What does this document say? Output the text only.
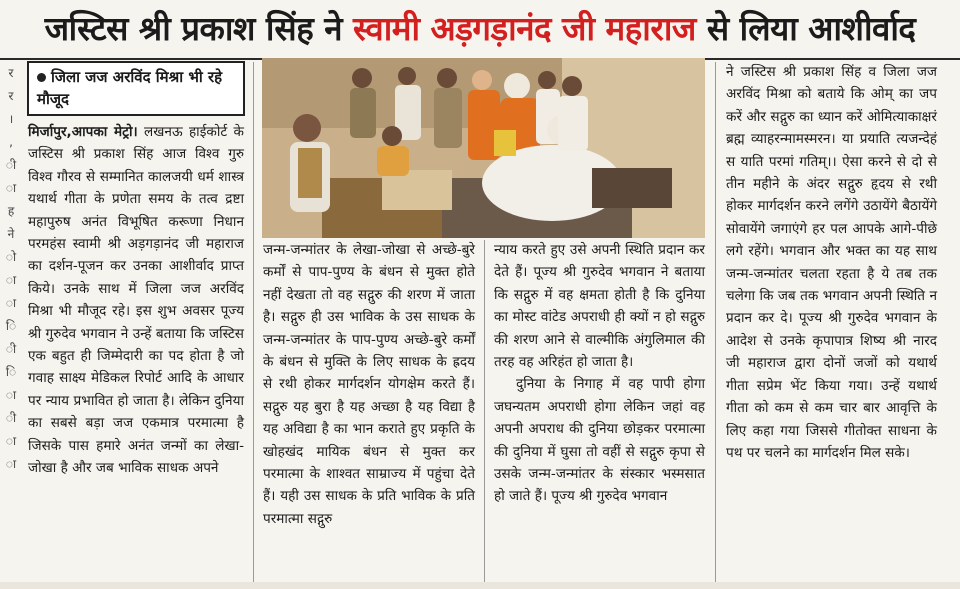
जस्टिस श्री प्रकाश सिंह ने स्वामी अड़गड़ानंद जी महाराज से लिया आशीर्वाद
र
र
।
,
ी
ा
ह
ने
ो
ा
ा
ि
ी
ि
ा
ी
ा
ा
जिला जज अरविंद मिश्रा भी रहे मौजूद

मिर्जापुर,आपका मेट्रो। लखनऊ हाईकोर्ट के जस्टिस श्री प्रकाश सिंह आज विश्व गुरु विश्व गौरव से सम्मानित कालजयी धर्म शास्त्र यथार्थ गीता के प्रणेता समय के तत्व द्रष्टा महापुरुष अनंत विभूषित करूणा निधान परमहंस स्वामी श्री अड़गड़ानंद जी महाराज का दर्शन-पूजन कर उनका आशीर्वाद प्राप्त किये। उनके साथ में जिला जज अरविंद मिश्रा भी मौजूद रहे। इस शुभ अवसर पूज्य श्री गुरुदेव भगवान ने उन्हें बताया कि जस्टिस एक बहुत ही जिम्मेदारी का पद होता है जो गवाह साक्ष्य मेडिकल रिपोर्ट आदि के आधार पर न्याय प्रभावित हो जाता है। लेकिन दुनिया का सबसे बड़ा जज एकमात्र परमात्मा है जिसके पास हमारे अनंत जन्मों का लेखा-जोखा है और जब भाविक साधक अपने

जन्म-जन्मांतर के लेखा-जोखा से अच्छे-बुरे कर्मों से पाप-पुण्य के बंधन से मुक्त होते नहीं देखता तो वह सद्गुरु की शरण में जाता है। सद्गुरु ही उस भाविक के उस साधक के जन्म-जन्मांतर के पाप-पुण्य अच्छे-बुरे कर्मों के बंधन से मुक्ति के लिए साधक के ह्रदय से रथी होकर मार्गदर्शन योगक्षेम करते हैं। सद्गुरु यह बुरा है यह अच्छा है यह विद्या है यह अविद्या है का भान कराते हुए प्रकृति के खोहखंद मायिक बंधन से मुक्त कर परमात्मा के शाश्वत साम्राज्य में पहुंचा देते हैं। यही उस साधक के प्रति भाविक के प्रति परमात्मा सद्गुरु

न्याय करते हुए उसे अपनी स्थिति प्रदान कर देते हैं। पूज्य श्री गुरुदेव भगवान ने बताया कि सद्गुरु में वह क्षमता होती है कि दुनिया का मोस्ट वांटेड अपराधी ही क्यों न हो सद्गुरु की शरण आने से वाल्मीकि अंगुलिमाल की तरह वह अरिहंत हो जाता है।

दुनिया के निगाह में वह पापी होगा जघन्यतम अपराधी होगा लेकिन जहां वह अपनी अपराध की दुनिया छोड़कर परमात्मा की दुनिया में घुसा तो वहीं से सद्गुरु कृपा से उसके जन्म-जन्मांतर के संस्कार भस्मसात हो जाते हैं। पूज्य श्री गुरुदेव भगवान

ने जस्टिस श्री प्रकाश सिंह व जिला जज अरविंद मिश्रा को बताये कि ओम् का जप करें और सद्गुरु का ध्यान करें ओमित्याकाक्षरं ब्रह्म व्याहरन्मामस्मरन। या प्रयाति त्यजन्देहं स याति परमां गतिम्।। ऐसा करने से दो से तीन महीने के अंदर सद्गुरु हृदय से रथी होकर मार्गदर्शन करने लगेंगे उठायेंगे बैठायेंगे सोवायेंगे जगाएंगे हर पल आपके आगे-पीछे लगे रहेंगे। भगवान और भक्त का यह साथ जन्म-जन्मांतर चलता रहता है ये तब तक चलेगा कि जब तक भगवान अपनी स्थिति न प्रदान कर दे। पूज्य श्री गुरुदेव भगवान के आदेश से उनके कृपापात्र शिष्य श्री नारद जी महाराज द्वारा दोनों जजों को यथार्थ गीता सप्रेम भेंट किया गया। उन्हें यथार्थ गीता को कम से कम चार बार आवृत्ति के लिए कहा गया जिससे गीतोक्त साधना के पथ पर चलने का मार्गदर्शन मिल सके।
